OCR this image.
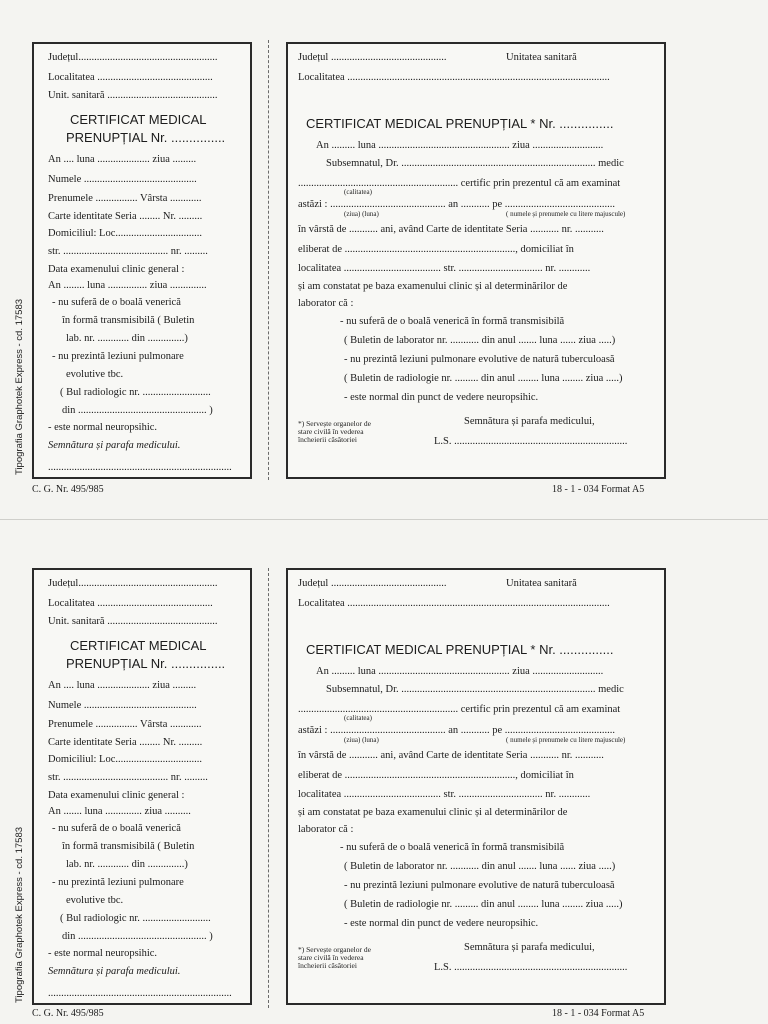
Tipografia Graphotek Express - cd. 17583
Județul.....................................................
Localitatea ............................................
Unit. sanitară ..........................................
CERTIFICAT MEDICAL
PRENUPȚIAL Nr. ...............
An .... luna .................... ziua .........
Numele ...........................................
Prenumele ................ Vârsta ............
Carte identitate Seria ........ Nr. .........
Domiciliul: Loc.................................
str. ........................................ nr. .........
Data examenului clinic general :
An ........ luna ............... ziua ..............
- nu suferă de o boală venerică
în formă transmisibilă ( Buletin
lab. nr. ............ din ..............)
- nu prezintă leziuni pulmonare
evolutive tbc.
( Bul radiologic nr. ..........................
din ................................................. )
- este normal neuropsihic.
Semnătura și parafa medicului.
......................................................................
C. G. Nr. 495/985
Județul ............................................	Unitatea sanitară
Localitatea ....................................................................................................
CERTIFICAT MEDICAL PRENUPȚIAL * Nr. ...............
An ......... luna .................................................. ziua ...........................
Subsemnatul, Dr. .......................................................................... medic
............................................................. certific prin prezentul că am examinat
(calitatea)
astăzi : ............................................ an ........... pe ..........................................
(ziua) (luna)	( numele și prenumele cu litere majuscule)
în vârstă de ........... ani, având Carte de identitate Seria ........... nr. ...........
eliberat de ................................................................., domiciliat în
localitatea ..................................... str. ................................ nr. ............
și am constatat pe baza examenului clinic și al determinărilor de
laborator că :
- nu suferă de o boală venerică în formă transmisibilă
( Buletin de laborator nr. ........... din anul ....... luna ...... ziua .....)
- nu prezintă leziuni pulmonare evolutive de natură tuberculoasă
( Buletin de radiologie nr. ......... din anul ........ luna ........ ziua .....)
- este normal din punct de vedere neuropsihic.
Semnătura și parafa medicului,
*) Servește organelor de
stare civilă în vederea
încheierii căsătoriei	L.S. ..................................................................
18 - 1 - 034 Format A5
Tipografia Graphotek Express - cd. 17583
Județul.....................................................
Localitatea ............................................
Unit. sanitară ..........................................
CERTIFICAT MEDICAL
PRENUPȚIAL Nr. ...............
An .... luna .................... ziua .........
Numele ...........................................
Prenumele ................ Vârsta ............
Carte identitate Seria ........ Nr. .........
Domiciliul: Loc.................................
str. ........................................ nr. .........
Data examenului clinic general :
An ....... luna .............. ziua ..........
- nu suferă de o boală venerică
în formă transmisibilă ( Buletin
lab. nr. ............ din ..............)
- nu prezintă leziuni pulmonare
evolutive tbc.
( Bul radiologic nr. ..........................
din ................................................. )
- este normal neuropsihic.
Semnătura și parafa medicului.
......................................................................
C. G. Nr. 495/985
Județul ............................................	Unitatea sanitară
Localitatea ....................................................................................................
CERTIFICAT MEDICAL PRENUPȚIAL * Nr. ...............
An ......... luna .................................................. ziua ...........................
Subsemnatul, Dr. .......................................................................... medic
............................................................. certific prin prezentul că am examinat
(calitatea)
astăzi : ............................................ an ........... pe ..........................................
(ziua) (luna)	( numele și prenumele cu litere majuscule)
în vârstă de ........... ani, având Carte de identitate Seria ........... nr. ...........
eliberat de ................................................................., domiciliat în
localitatea ..................................... str. ................................ nr. ............
și am constatat pe baza examenului clinic și al determinărilor de
laborator că :
- nu suferă de o boală venerică în formă transmisibilă
( Buletin de laborator nr. ........... din anul ....... luna ...... ziua .....)
- nu prezintă leziuni pulmonare evolutive de natură tuberculoasă
( Buletin de radiologie nr. ......... din anul ........ luna ........ ziua .....)
- este normal din punct de vedere neuropsihic.
Semnătura și parafa medicului,
*) Servește organelor de
stare civilă în vederea
încheierii căsătoriei	L.S. ..................................................................
18 - 1 - 034 Format A5
